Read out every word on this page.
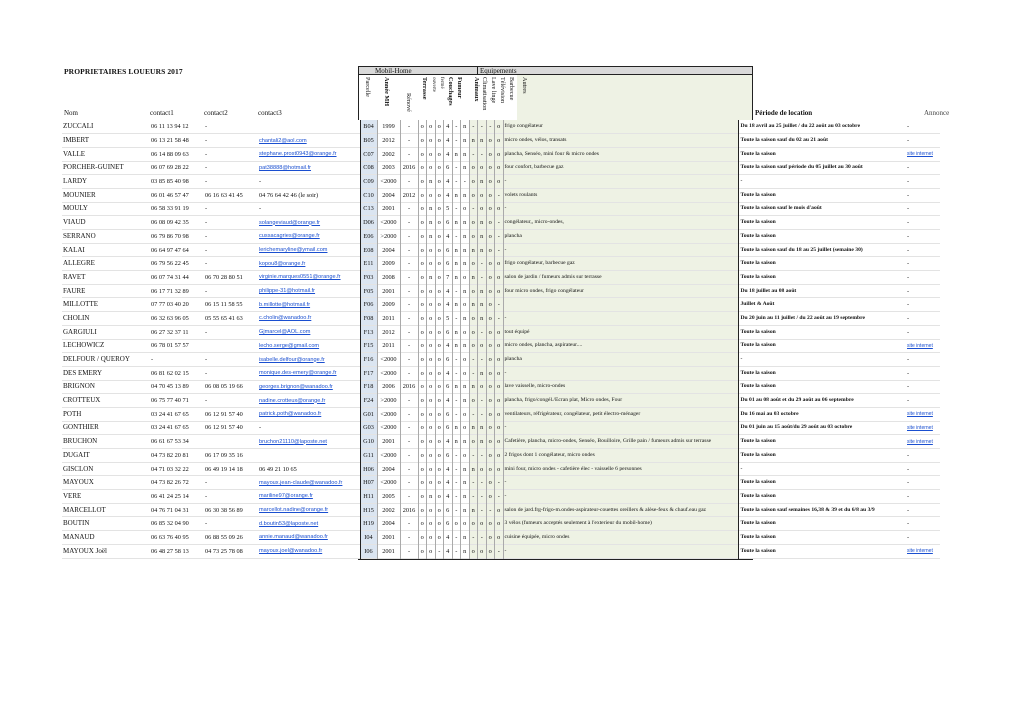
PROPRIETAIRES LOUEURS 2017	Mobil-Home	Equipements
Parcelle Année MH Rénové
Terrasse ouverte fermé Couchages Fumeur Animaux Climatisation Lave linge Télévision Barbecue Autres
Nom	contact1	contact2	contact3	Période de location	Annonce
ZUCCALI	06 11 13 94 12	-		B04	1999	-	o	o	o	4	-	n	-	-	-	o	frigo congélateur	Du 18 avril au 25 juillet / du 22 août au 03 octobre	-
IMBERT	06 13 21 58 48	-	chantali2@aol.com	B05	2012	-	o	o	o	4	-	n	n	n	o	o	micro ondes, vélos, transats	Toute la saison sauf du 02 au 21 août	-
VALLE	06 14 88 09 63	-	stephane.prost0943@orange.fr	C07	2002	-	o	o	o	4	n	n	-	-	o	o	plancha, Senséo, mini four & micro ondes	Toute la saison	site internet
PORCHER-GUINET	06 07 69 28 22	-	pat38888@hotmail.fr	C08	2003	2016	o	o	o	6	-	n	o	o	o	o	four confort, barbecue gaz	Toute la saison sauf période du 05 juillet au 30 août	-
LARDY	03 85 85 40 98	-	-	C09	<2000	-	o	n	o	4	-	-	o	n	o	o	-	-	-
MOUNIER	06 01 46 57 47	06 16 63 41 45	04 76 64 42 46 (le soir)	C10	2004	2012	o	o	o	4	n	n	o	o	o	-	volets roulants	Toute la saison	-
MOULY	06 58 33 91 19	-	-	C13	2001	-	o	n	o	5	-	o	-	o	o	o	-	Toute la saison sauf le mois d'août	-
VIAUD	06 08 09 42 35	-	solangeviaud@orange.fr	D06	<2000	-	o	n	o	6	n	n	o	n	o	-	congélateur,, micro-ondes,	Toute la saison	-
SERRANO	06 79 86 70 98	-	cussacagries@orange.fr	E06	>2000	-	o	n	o	4	-	n	o	n	o	-	plancha	Toute la saison	-
KALAI	06 64 97 47 64	-	lerichemaryline@ymail.com	E08	2004	-	o	o	o	6	n	n	n	n	o	-	-	Toute la saison sauf du 18 au 25 juillet (semaine 30)	-
ALLEGRE	06 79 56 22 45	-	kopou8@orange.fr	E11	2009	-	o	o	o	6	n	n	o	-	o	o	frigo congélateur, barbecue gaz	Toute la saison	-
RAVET	06 07 74 31 44	06 70 28 80 51	virginie.marques0551@orange.fr	F03	2008	-	o	n	o	7	n	o	n	-	o	o	salon de jardin / fumeurs admis sur terrasse	Toute la saison	-
FAURE	06 17 71 32 89	-	philippe-31@hotmail.fr	F05	2001	-	o	o	o	4	-	n	o	n	o	o	four micro ondes, frigo congélateur	Du 18 juillet au 08 août	-
MILLOTTE	07 77 03 40 20	06 15 11 58 55	b.millotte@hotmail.fr	F06	2009	-	o	o	o	4	n	o	n	n	o	-		Juillet & Août	-
CHOLIN	06 32 63 96 05	05 55 65 41 63	c.cholin@wanadoo.fr	F08	2011	-	o	o	o	5	-	n	o	n	o	-	-	Du 20 juin au 11 juillet / du 22 août au 19 septembre	-
GARGIULI	06 27 32 37 11	-	Gjmarcel@AOL.com	F13	2012	-	o	o	o	6	n	o	o	-	o	o	tout équipé	Toute la saison	-
LECHOWICZ	06 78 01 57 57		lecho.serge@gmail.com	F15	2011	-	o	o	o	4	n	n	o	o	o	o	micro ondes, plancha, aspirateur....	Toute la saison	site internet
DELFOUR / QUEROY	-	-	isabelle.delfour@orange.fr	F16	<2000	-	o	o	o	6	-	o	-	-	o	o	plancha	-	-
DES EMERY	06 81 62 02 15	-	monique.des-emery@orange.fr	F17	<2000	-	o	o	o	4	-	o	-	n	o	o	-	Toute la saison	-
BRIGNON	04 70 45 13 89	06 08 05 19 66	georges.brignon@wanadoo.fr	F18	2006	2016	o	o	o	6	n	n	n	o	o	o	lave vaisselle, micro-ondes	Toute la saison	-
CROTTEUX	06 75 77 40 71	-	nadine.crotteux@orange.fr	F24	>2000	-	o	o	o	4	-	n	o	-	o	o	plancha, frigo/congél./Ecran plat, Micro ondes, Four	Du 01 au 08 août et du 29 août au 06 septembre	-
POTH	03 24 41 67 65	06 12 91 57 40	patrick.poth@wanadoo.fr	G01	<2000	-	o	o	o	6	-	o	-	-	o	o	ventilateurs, réfrigérateur, congélateur, petit électro-ménager	Du 16 mai au 03 octobre	site internet
GONTHIER	03 24 41 67 65	06 12 91 57 40	-	G03	<2000	-	o	o	o	6	n	o	n	n	o	o	-	Du 01 juin au 15 août/du 29 août au 03 octobre	site internet
BRUCHON	06 61 67 53 34		bruchon21110@laposte.net	G10	2001	-	o	o	o	4	n	n	o	n	o	o	Cafetière, plancha, micro-ondes, Senséo, Bouilloire, Grille pain / fumeurs admis sur terrasse	Toute la saison	site internet
DUGAIT	04 73 82 20 81	06 17 09 35 16		G11	<2000	-	o	o	o	6	-	o	-	-	o	o	2 frigos dont 1 congélateur, micro ondes	Toute la saison	-
GISCLON	04 71 03 32 22	06 49 19 14 18	06 49 21 10 65	H06	2004	-	o	o	o	4	-	n	n	o	o	o	mini four, micro ondes - cafetière élec - vaisselle 6 personnes	-	-
MAYOUX	04 73 82 26 72	-	mayoux.jean-claude@wanadoo.fr	H07	<2000	-	o	o	o	4	-	n	-	-	o	-	-	Toute la saison	-
VERE	06 41 24 25 14	-	mariline97@orange.fr	H11	2005	-	o	n	o	4	-	n	-	-	o	-	-	Toute la saison	-
MARCELLOT	04 76 71 04 31	06 30 38 56 89	marcellot.nadine@orange.fr	H15	2002	2016	o	o	o	6	-	n	n	-	-	o	salon de jard.frg-frigo-m.ondes-aspirateur-couettes oreillers & alèse-feux & chauf.eau gaz	Toute la saison sauf semaines 16,38 & 39 et du 6/8 au 3/9	-
BOUTIN	06 85 32 04 90	-	d.boutin53@laposte.net	H19	2004	-	o	o	o	6	o	o	o	o	o	o	3 vélos (fumeurs acceptés seulement à l'exterieur du mobil-home)	Toute la saison	-
MANAUD	06 63 76 40 95	06 88 55 09 26	annie.manaud@wanadoo.fr	I04	2001	-	o	o	o	4	-	n	-	-	o	o	cuisine équipée, micro ondes	Toute la saison	-
MAYOUX Joël	06 48 27 58 13	04 73 25 78 08	mayoux.joel@wanadoo.fr	I06	2001	-	o	o	-	4	-	n	o	o	o	-	-	Toute la saison	site internet
